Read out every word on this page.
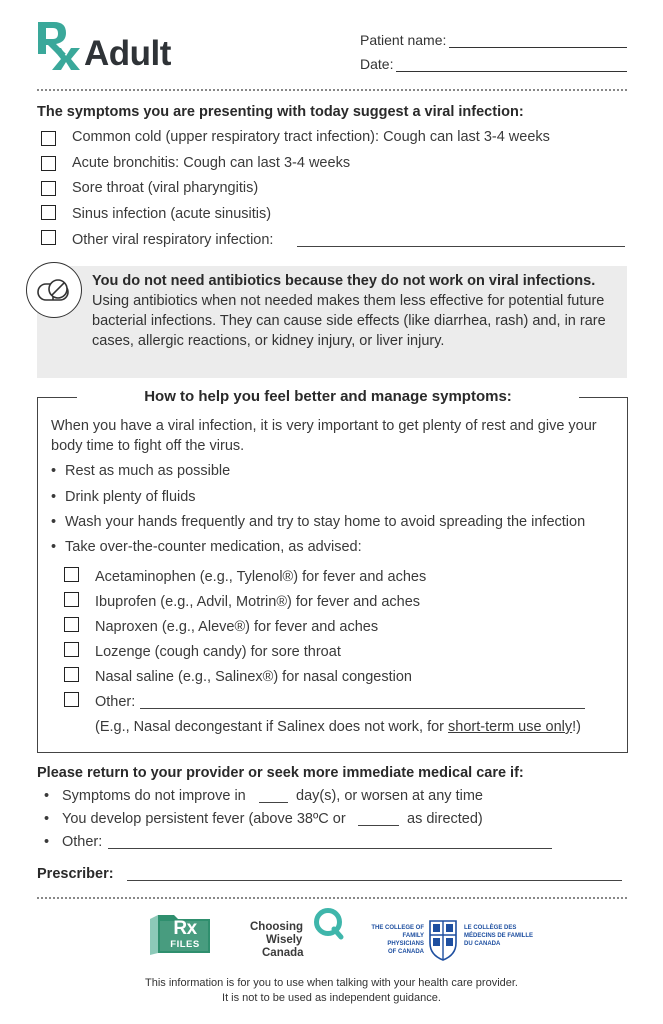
Adult	Patient name:
Date:
The symptoms you are presenting with today suggest a viral infection:
Common cold (upper respiratory tract infection): Cough can last 3-4 weeks
Acute bronchitis: Cough can last 3-4 weeks
Sore throat (viral pharyngitis)
Sinus infection (acute sinusitis)
Other viral respiratory infection:
You do not need antibiotics because they do not work on viral infections. Using antibiotics when not needed makes them less effective for potential future bacterial infections. They can cause side effects (like diarrhea, rash) and, in rare cases, allergic reactions, or kidney injury, or liver injury.
How to help you feel better and manage symptoms:
When you have a viral infection, it is very important to get plenty of rest and give your body time to fight off the virus.
• Rest as much as possible
• Drink plenty of fluids
• Wash your hands frequently and try to stay home to avoid spreading the infection
• Take over-the-counter medication, as advised:
Acetaminophen (e.g., Tylenol®) for fever and aches
Ibuprofen (e.g., Advil, Motrin®) for fever and aches
Naproxen (e.g., Aleve®) for fever and aches
Lozenge (cough candy) for sore throat
Nasal saline (e.g., Salinex®) for nasal congestion
Other:
(E.g., Nasal decongestant if Salinex does not work, for short-term use only!)
Please return to your provider or seek more immediate medical care if:
• Symptoms do not improve in	day(s), or worsen at any time
• You develop persistent fever (above 38ºC or	as directed)
• Other:
Prescriber:
Rx
FILES
Choosing
Wisely
Canada
THE COLLEGE OF
FAMILY PHYSICIANS
OF CANADA
LE COLLÈGE DES
MÉDECINS DE FAMILLE
DU CANADA
This information is for you to use when talking with your health care provider.
It is not to be used as independent guidance.
